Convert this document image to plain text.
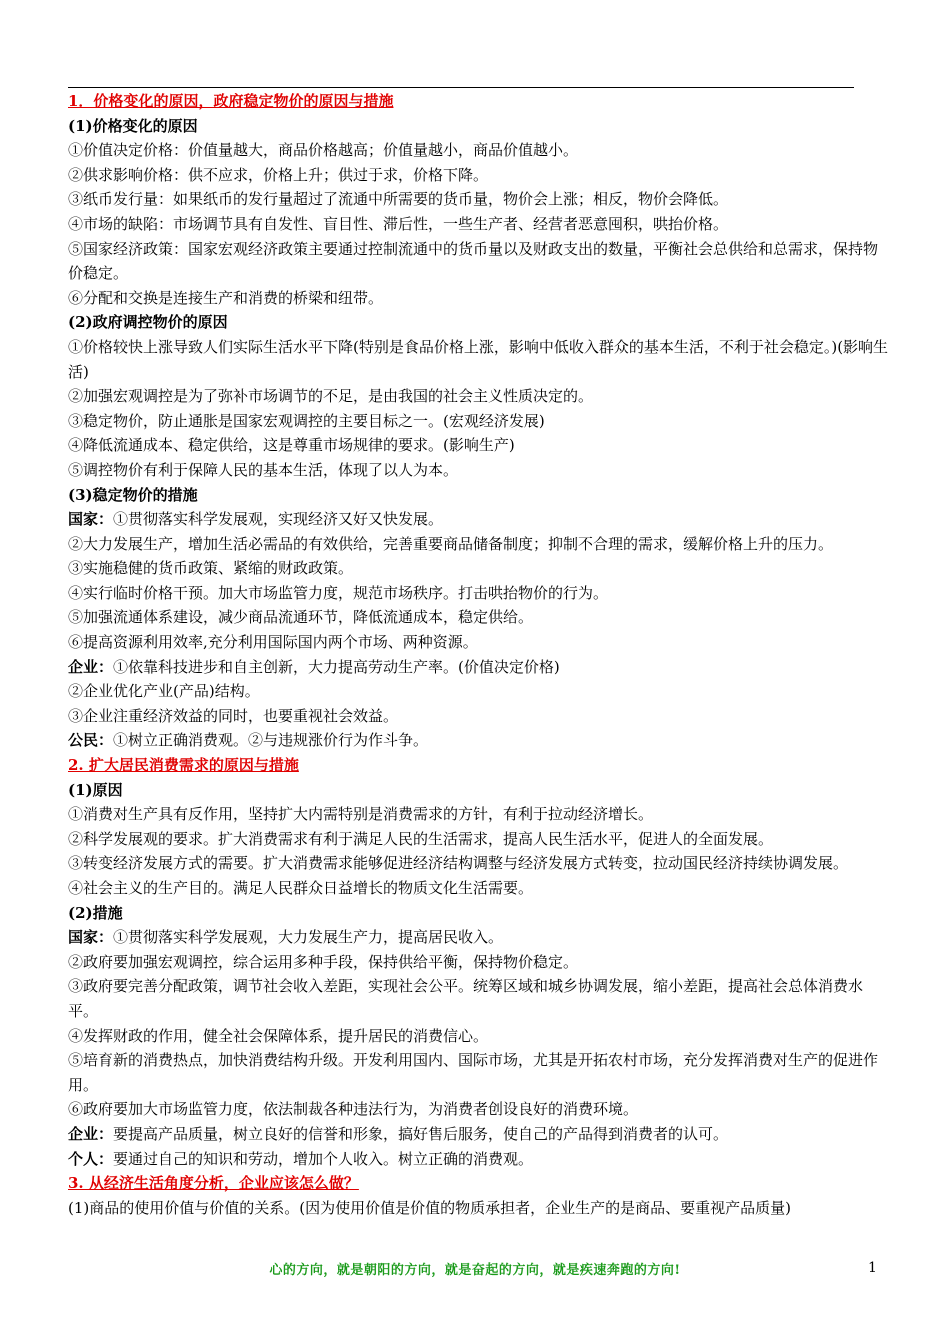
1．价格变化的原因，政府稳定物价的原因与措施
(1)价格变化的原因
①价值决定价格：价值量越大，商品价格越高；价值量越小，商品价值越小。
②供求影响价格：供不应求，价格上升；供过于求，价格下降。
③纸币发行量：如果纸币的发行量超过了流通中所需要的货币量，物价会上涨；相反，物价会降低。
④市场的缺陷：市场调节具有自发性、盲目性、滞后性，一些生产者、经营者恶意囤积，哄抬价格。
⑤国家经济政策：国家宏观经济政策主要通过控制流通中的货币量以及财政支出的数量，平衡社会总供给和总需求，保持物价稳定。
⑥分配和交换是连接生产和消费的桥梁和纽带。
(2)政府调控物价的原因
①价格较快上涨导致人们实际生活水平下降(特别是食品价格上涨，影响中低收入群众的基本生活，不利于社会稳定。)(影响生活)
②加强宏观调控是为了弥补市场调节的不足，是由我国的社会主义性质决定的。
③稳定物价，防止通胀是国家宏观调控的主要目标之一。(宏观经济发展)
④降低流通成本、稳定供给，这是尊重市场规律的要求。(影响生产)
⑤调控物价有利于保障人民的基本生活，体现了以人为本。
(3)稳定物价的措施
国家：①贯彻落实科学发展观，实现经济又好又快发展。
②大力发展生产，增加生活必需品的有效供给，完善重要商品储备制度；抑制不合理的需求，缓解价格上升的压力。
③实施稳健的货币政策、紧缩的财政政策。
④实行临时价格干预。加大市场监管力度，规范市场秩序。打击哄抬物价的行为。
⑤加强流通体系建设，减少商品流通环节，降低流通成本，稳定供给。
⑥提高资源利用效率,充分利用国际国内两个市场、两种资源。
企业：①依靠科技进步和自主创新，大力提高劳动生产率。(价值决定价格)
②企业优化产业(产品)结构。
③企业注重经济效益的同时，也要重视社会效益。
公民：①树立正确消费观。②与违规涨价行为作斗争。
2. 扩大居民消费需求的原因与措施
(1)原因
①消费对生产具有反作用，坚持扩大内需特别是消费需求的方针，有利于拉动经济增长。
②科学发展观的要求。扩大消费需求有利于满足人民的生活需求，提高人民生活水平，促进人的全面发展。
③转变经济发展方式的需要。扩大消费需求能够促进经济结构调整与经济发展方式转变，拉动国民经济持续协调发展。
④社会主义的生产目的。满足人民群众日益增长的物质文化生活需要。
(2)措施
国家：①贯彻落实科学发展观，大力发展生产力，提高居民收入。
②政府要加强宏观调控，综合运用多种手段，保持供给平衡，保持物价稳定。
③政府要完善分配政策，调节社会收入差距，实现社会公平。统筹区域和城乡协调发展，缩小差距，提高社会总体消费水平。
④发挥财政的作用，健全社会保障体系，提升居民的消费信心。
⑤培育新的消费热点，加快消费结构升级。开发利用国内、国际市场，尤其是开拓农村市场，充分发挥消费对生产的促进作用。
⑥政府要加大市场监管力度，依法制裁各种违法行为，为消费者创设良好的消费环境。
企业：要提高产品质量，树立良好的信誉和形象，搞好售后服务，使自己的产品得到消费者的认可。
个人：要通过自己的知识和劳动，增加个人收入。树立正确的消费观。
3. 从经济生活角度分析，企业应该怎么做？
(1)商品的使用价值与价值的关系。(因为使用价值是价值的物质承担者，企业生产的是商品、要重视产品质量)
心的方向，就是朝阳的方向，就是奋起的方向，就是疾速奔跑的方向!	1
